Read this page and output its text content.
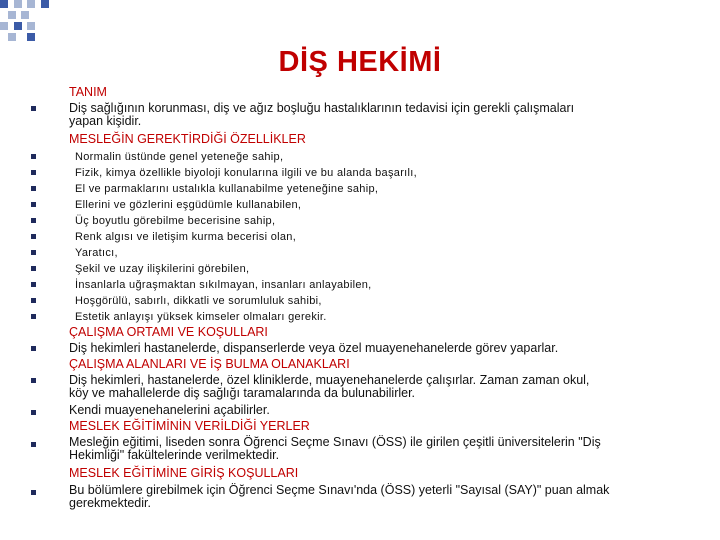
DİŞ HEKİMİ
TANIM
Diş sağlığının korunması, diş ve ağız boşluğu hastalıklarının tedavisi için gerekli çalışmaları
yapan kişidir.
MESLEĞİN GEREKTİRDİĞİ ÖZELLİKLER
Normalin üstünde genel yeteneğe sahip,
Fizik, kimya özellikle biyoloji konularına ilgili ve bu alanda başarılı,
El ve parmaklarını ustalıkla kullanabilme yeteneğine sahip,
Ellerini ve gözlerini eşgüdümle kullanabilen,
Üç boyutlu görebilme becerisine sahip,
Renk algısı ve iletişim kurma becerisi olan,
Yaratıcı,
Şekil ve uzay ilişkilerini görebilen,
İnsanlarla uğraşmaktan sıkılmayan, insanları anlayabilen,
Hoşgörülü, sabırlı, dikkatli ve sorumluluk sahibi,
Estetik anlayışı yüksek kimseler olmaları gerekir.
ÇALIŞMA ORTAMI VE KOŞULLARI
Diş hekimleri hastanelerde, dispanserlerde veya özel muayenehanelerde görev yaparlar.
ÇALIŞMA ALANLARI VE İŞ BULMA OLANAKLARI
Diş hekimleri, hastanelerde, özel kliniklerde, muayenehanelerde çalışırlar. Zaman zaman okul,
köy ve mahallelerde diş sağlığı taramalarında da bulunabilirler.
Kendi muayenehanelerini açabilirler.
MESLEK EĞİTİMİNİN VERİLDİĞİ YERLER
Mesleğin eğitimi, liseden sonra Öğrenci Seçme Sınavı (ÖSS) ile girilen çeşitli üniversitelerin "Diş
Hekimliği" fakültelerinde verilmektedir.
MESLEK EĞİTİMİNE GİRİŞ KOŞULLARI
Bu bölümlere girebilmek için Öğrenci Seçme Sınavı'nda (ÖSS) yeterli "Sayısal (SAY)" puan almak
gerekmektedir.
